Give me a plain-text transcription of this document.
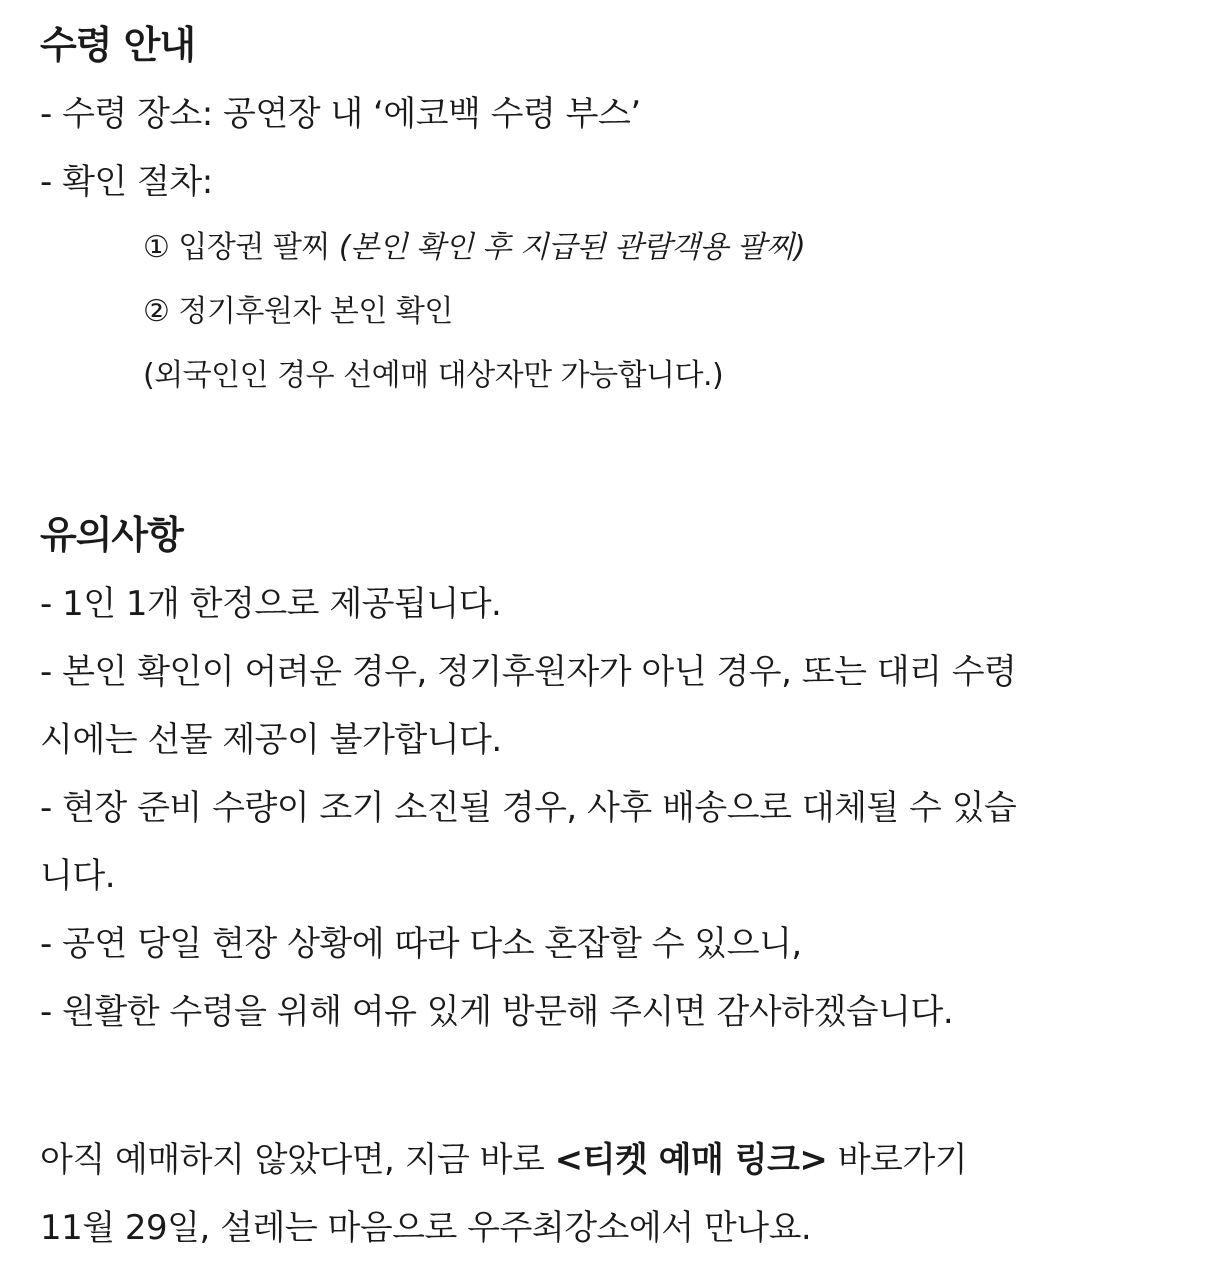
수령 안내
- 수령 장소: 공연장 내 ‘에코백 수령 부스’
- 확인 절차:
① 입장권 팔찌 (본인 확인 후 지급된 관람객용 팔찌)
② 정기후원자 본인 확인
(외국인인 경우 선예매 대상자만 가능합니다.)
유의사항
- 1인 1개 한정으로 제공됩니다.
- 본인 확인이 어려운 경우, 정기후원자가 아닌 경우, 또는 대리 수령
시에는 선물 제공이 불가합니다.
- 현장 준비 수량이 조기 소진될 경우, 사후 배송으로 대체될 수 있습
니다.
- 공연 당일 현장 상황에 따라 다소 혼잡할 수 있으니,
- 원활한 수령을 위해 여유 있게 방문해 주시면 감사하겠습니다.
아직 예매하지 않았다면, 지금 바로 <티켓 예매 링크> 바로가기
11월 29일, 설레는 마음으로 우주최강소에서 만나요.
